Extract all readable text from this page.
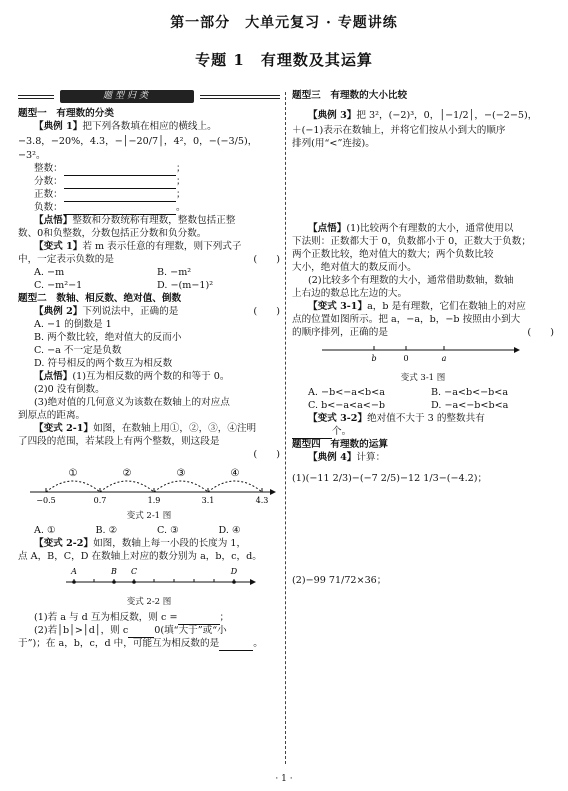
第一部分　大单元复习 · 专题讲练
专题 1　有理数及其运算
题型归类
题型一　有理数的分类
【典例 1】把下列各数填在相应的横线上。
−3.8，−20%，4.3，−│−20/7│，4²，0，−(−3/5)，
−3²。
整数：	；
分数：	；
正数：	；
负数：	。
【点悟】整数和分数统称有理数，整数包括正整
数、0和负整数，分数包括正分数和负分数。
【变式 1】若 m 表示任意的有理数，则下列式子
中，一定表示负数的是	(　　)
A. −m	B. −m²
C. −m²−1	D. −(m−1)²
题型二　数轴、相反数、绝对值、倒数
【典例 2】下列说法中，正确的是	(　　)
A. −1 的倒数是 1
B. 两个数比较，绝对值大的反而小
C. −a 不一定是负数
D. 符号相反的两个数互为相反数
【点悟】(1)互为相反数的两个数的和等于 0。
(2)0 没有倒数。
(3)绝对值的几何意义为该数在数轴上的对应点
到原点的距离。
【变式 2-1】如图，在数轴上用①，②，③，④注明
了四段的范围，若某段上有两个整数，则这段是
(　　)
−0.5	0.7	1.9	3.1	4.3
①	②	③	④
变式 2-1 图
A. ①	B. ②	C. ③	D. ④
【变式 2-2】如图，数轴上每一小段的长度为 1，
点 A，B，C，D 在数轴上对应的数分别为 a，b，c，d。
A	B C	D
变式 2-2 图
(1)若 a 与 d 互为相反数，则 c =	；
(2)若│b│>│d│，则 c	0(填“大于”或“小
于”)；在 a，b，c，d 中，可能互为相反数的是	。
题型三　有理数的大小比较
【典例 3】把 3²，(−2)³，0，│−1/2│，−(−2−5)，
＋(−1)表示在数轴上，并将它们按从小到大的顺序
排列(用“<”连接)。
【点悟】(1)比较两个有理数的大小，通常使用以
下法则：正数都大于 0，负数都小于 0，正数大于负数；
两个正数比较，绝对值大的数大；两个负数比较
大小，绝对值大的数反而小。
(2)比较多个有理数的大小，通常借助数轴，数轴
上右边的数总比左边的大。
【变式 3-1】a，b 是有理数，它们在数轴上的对应
点的位置如图所示。把 a，−a，b，−b 按照由小到大
的顺序排列，正确的是	(　　)
b	0	a
变式 3-1 图
A. −b<−a<b<a	B. −a<b<−b<a
C. b<−a<a<−b	D. −a<−b<b<a
【变式 3-2】绝对值不大于 3 的整数共有
个。
题型四　有理数的运算
【典例 4】计算：
(1)(−11 2/3)−(−7 2/5)−12 1/3−(−4.2)；
(2)−99 71/72×36；
· 1 ·
